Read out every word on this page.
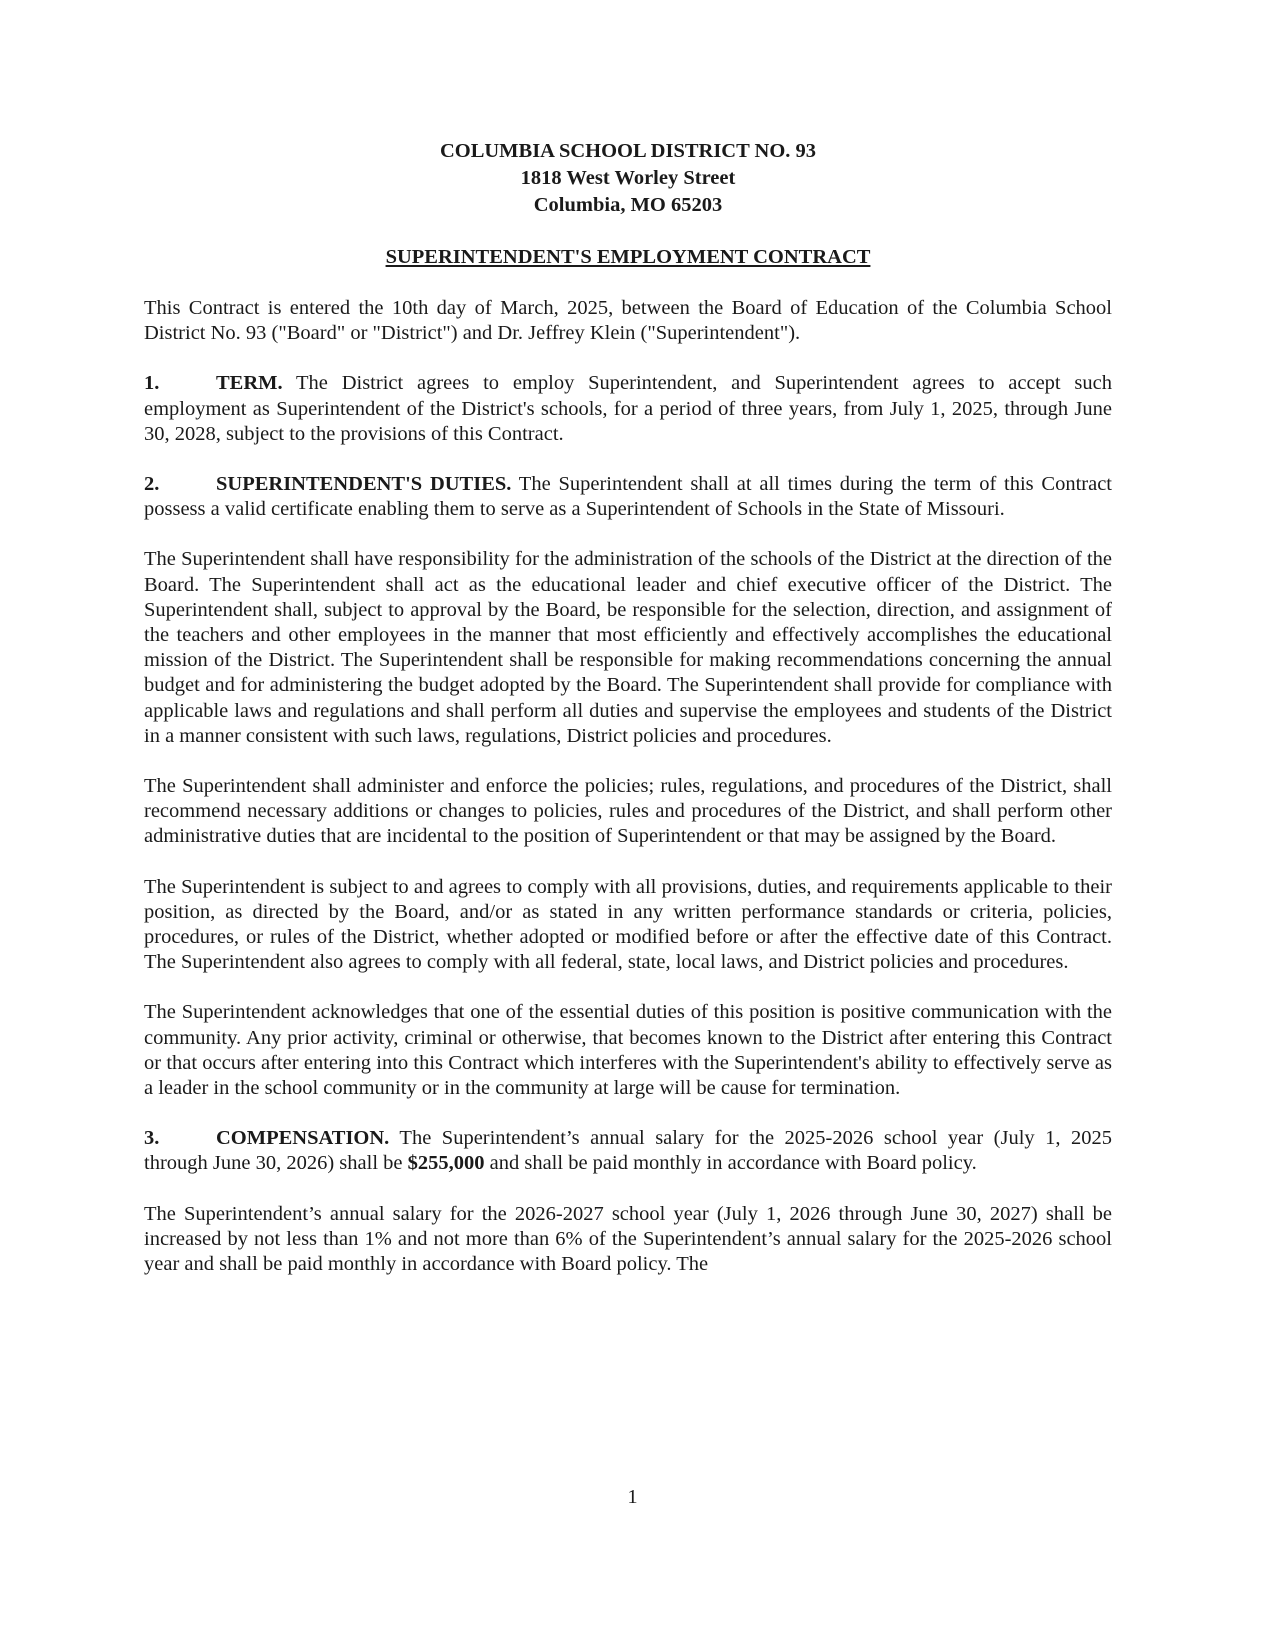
COLUMBIA SCHOOL DISTRICT NO. 93
1818 West Worley Street
Columbia, MO 65203
SUPERINTENDENT'S EMPLOYMENT CONTRACT

This Contract is entered the 10th day of March, 2025, between the Board of Education of the Columbia School District No. 93 ("Board" or "District") and Dr. Jeffrey Klein ("Superintendent").

1.	TERM. The District agrees to employ Superintendent, and Superintendent agrees to accept such employment as Superintendent of the District's schools, for a period of three years, from July 1, 2025, through June 30, 2028, subject to the provisions of this Contract.

2.	SUPERINTENDENT'S DUTIES. The Superintendent shall at all times during the term of this Contract possess a valid certificate enabling them to serve as a Superintendent of Schools in the State of Missouri.

The Superintendent shall have responsibility for the administration of the schools of the District at the direction of the Board. The Superintendent shall act as the educational leader and chief executive officer of the District. The Superintendent shall, subject to approval by the Board, be responsible for the selection, direction, and assignment of the teachers and other employees in the manner that most efficiently and effectively accomplishes the educational mission of the District. The Superintendent shall be responsible for making recommendations concerning the annual budget and for administering the budget adopted by the Board. The Superintendent shall provide for compliance with applicable laws and regulations and shall perform all duties and supervise the employees and students of the District in a manner consistent with such laws, regulations, District policies and procedures.

The Superintendent shall administer and enforce the policies; rules, regulations, and procedures of the District, shall recommend necessary additions or changes to policies, rules and procedures of the District, and shall perform other administrative duties that are incidental to the position of Superintendent or that may be assigned by the Board.

The Superintendent is subject to and agrees to comply with all provisions, duties, and requirements applicable to their position, as directed by the Board, and/or as stated in any written performance standards or criteria, policies, procedures, or rules of the District, whether adopted or modified before or after the effective date of this Contract. The Superintendent also agrees to comply with all federal, state, local laws, and District policies and procedures.

The Superintendent acknowledges that one of the essential duties of this position is positive communication with the community. Any prior activity, criminal or otherwise, that becomes known to the District after entering this Contract or that occurs after entering into this Contract which interferes with the Superintendent's ability to effectively serve as a leader in the school community or in the community at large will be cause for termination.

3.	COMPENSATION. The Superintendent’s annual salary for the 2025-2026 school year (July 1, 2025 through June 30, 2026) shall be $255,000 and shall be paid monthly in accordance with Board policy.

The Superintendent’s annual salary for the 2026-2027 school year (July 1, 2026 through June 30, 2027) shall be increased by not less than 1% and not more than 6% of the Superintendent’s annual salary for the 2025-2026 school year and shall be paid monthly in accordance with Board policy. The

1
